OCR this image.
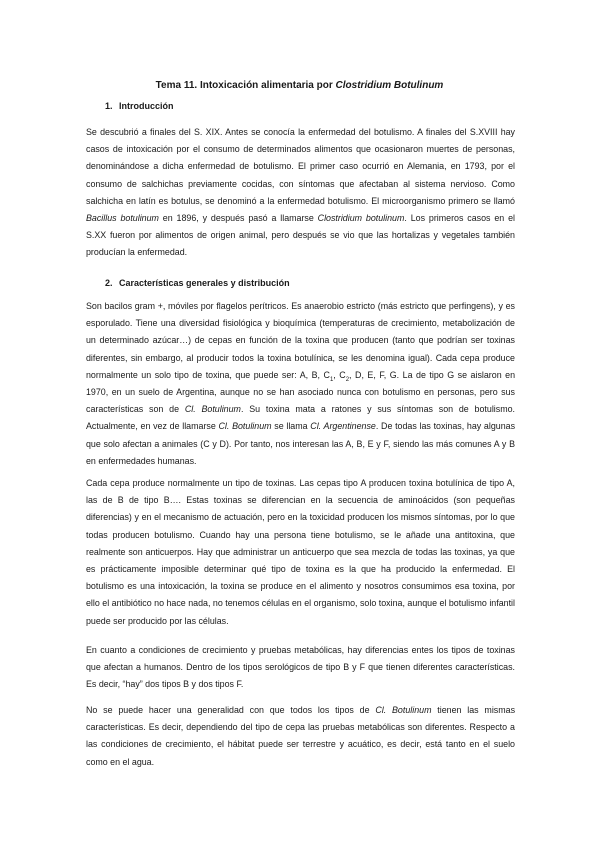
Tema 11. Intoxicación alimentaria por Clostridium Botulinum
1. Introducción

Se descubrió a finales del S. XIX. Antes se conocía la enfermedad del botulismo. A finales del S.XVIII hay casos de intoxicación por el consumo de determinados alimentos que ocasionaron muertes de personas, denominándose a dicha enfermedad de botulismo. El primer caso ocurrió en Alemania, en 1793, por el consumo de salchichas previamente cocidas, con síntomas que afectaban al sistema nervioso. Como salchicha en latín es botulus, se denominó a la enfermedad botulismo. El microorganismo primero se llamó Bacillus botulinum en 1896, y después pasó a llamarse Clostridium botulinum. Los primeros casos en el S.XX fueron por alimentos de origen animal, pero después se vio que las hortalizas y vegetales también producían la enfermedad.

2. Características generales y distribución

Son bacilos gram +, móviles por flagelos perítricos. Es anaerobio estricto (más estricto que perfingens), y es esporulado. Tiene una diversidad fisiológica y bioquímica (temperaturas de crecimiento, metabolización de un determinado azúcar…) de cepas en función de la toxina que producen (tanto que podrían ser toxinas diferentes, sin embargo, al producir todos la toxina botulínica, se les denomina igual). Cada cepa produce normalmente un solo tipo de toxina, que puede ser: A, B, $C_1$, $C_2$, D, E, F, G. La de tipo G se aislaron en 1970, en un suelo de Argentina, aunque no se han asociado nunca con botulismo en personas, pero sus características son de Cl. Botulinum. Su toxina mata a ratones y sus síntomas son de botulismo. Actualmente, en vez de llamarse Cl. Botulinum se llama Cl. Argentinense. De todas las toxinas, hay algunas que solo afectan a animales (C y D). Por tanto, nos interesan las A, B, E y F, siendo las más comunes A y B en enfermedades humanas.

Cada cepa produce normalmente un tipo de toxinas. Las cepas tipo A producen toxina botulínica de tipo A, las de B de tipo B…. Estas toxinas se diferencian en la secuencia de aminoácidos (son pequeñas diferencias) y en el mecanismo de actuación, pero en la toxicidad producen los mismos síntomas, por lo que todas producen botulismo. Cuando hay una persona tiene botulismo, se le añade una antitoxina, que realmente son anticuerpos. Hay que administrar un anticuerpo que sea mezcla de todas las toxinas, ya que es prácticamente imposible determinar qué tipo de toxina es la que ha producido la enfermedad. El botulismo es una intoxicación, la toxina se produce en el alimento y nosotros consumimos esa toxina, por ello el antibiótico no hace nada, no tenemos células en el organismo, solo toxina, aunque el botulismo infantil puede ser producido por las células.

En cuanto a condiciones de crecimiento y pruebas metabólicas, hay diferencias entes los tipos de toxinas que afectan a humanos. Dentro de los tipos serológicos de tipo B y F que tienen diferentes características. Es decir, “hay” dos tipos B y dos tipos F.

No se puede hacer una generalidad con que todos los tipos de Cl. Botulinum tienen las mismas características. Es decir, dependiendo del tipo de cepa las pruebas metabólicas son diferentes. Respecto a las condiciones de crecimiento, el hábitat puede ser terrestre y acuático, es decir, está tanto en el suelo como en el agua.
